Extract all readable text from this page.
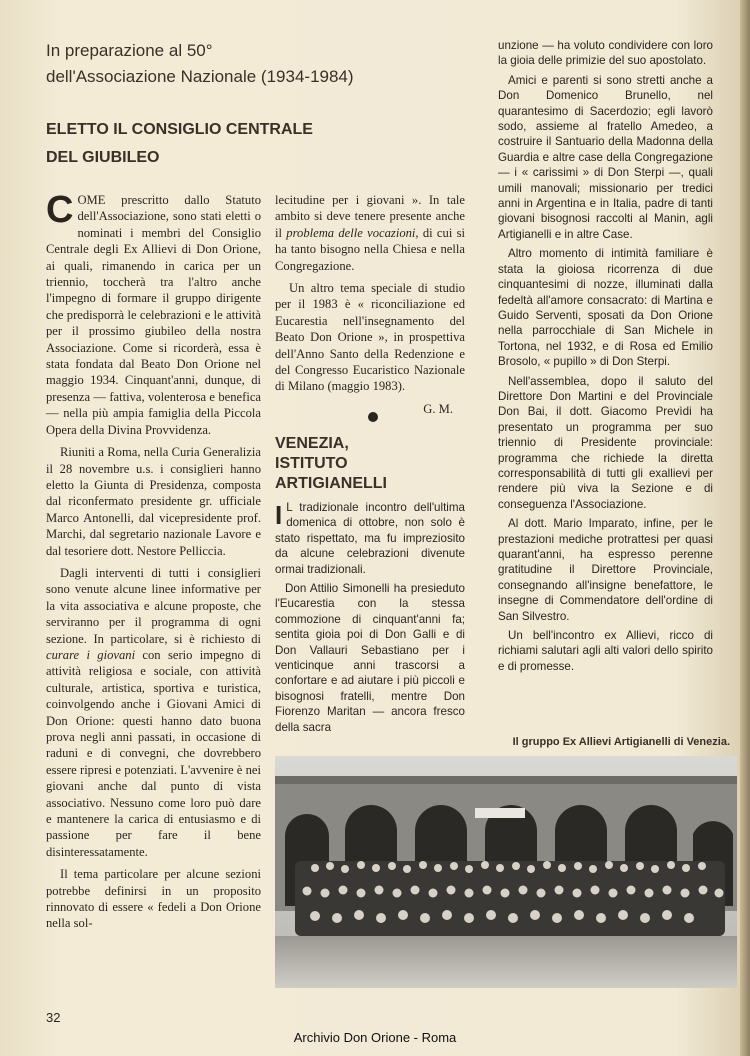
In preparazione al 50°
dell'Associazione Nazionale (1934-1984)
ELETTO IL CONSIGLIO CENTRALE
DEL GIUBILEO

COME prescritto dallo Statuto dell'Associazione, sono stati eletti o nominati i membri del Consiglio Centrale degli Ex Allievi di Don Orione, ai quali, rimanendo in carica per un triennio, toccherà tra l'altro anche l'impegno di formare il gruppo dirigente che predisporrà le celebrazioni e le attività per il prossimo giubileo della nostra Associazione. Come si ricorderà, essa è stata fondata dal Beato Don Orione nel maggio 1934. Cinquant'anni, dunque, di presenza — fattiva, volenterosa e benefica — nella più ampia famiglia della Piccola Opera della Divina Provvidenza.

Riuniti a Roma, nella Curia Generalizia il 28 novembre u.s. i consiglieri hanno eletto la Giunta di Presidenza, composta dal riconfermato presidente gr. ufficiale Marco Antonelli, dal vicepresidente prof. Marchi, dal segretario nazionale Lavore e dal tesoriere dott. Nestore Pelliccia.

Dagli interventi di tutti i consiglieri sono venute alcune linee informative per la vita associativa e alcune proposte, che serviranno per il programma di ogni sezione. In particolare, si è richiesto di curare i giovani con serio impegno di attività religiosa e sociale, con attività culturale, artistica, sportiva e turistica, coinvolgendo anche i Giovani Amici di Don Orione: questi hanno dato buona prova negli anni passati, in occasione di raduni e di convegni, che dovrebbero essere ripresi e potenziati. L'avvenire è nei giovani anche dal punto di vista associativo. Nessuno come loro può dare e mantenere la carica di entusiasmo e di passione per fare il bene disinteressatamente.

Il tema particolare per alcune sezioni potrebbe definirsi in un proposito rinnovato di essere « fedeli a Don Orione nella sol-

lecitudine per i giovani ». In tale ambito si deve tenere presente anche il problema delle vocazioni, di cui si ha tanto bisogno nella Chiesa e nella Congregazione.

Un altro tema speciale di studio per il 1983 è « riconciliazione ed Eucarestia nell'insegnamento del Beato Don Orione », in prospettiva dell'Anno Santo della Redenzione e del Congresso Eucaristico Nazionale di Milano (maggio 1983).

G. M.
VENEZIA,
ISTITUTO
ARTIGIANELLI

I L tradizionale incontro dell'ultima domenica di ottobre, non solo è stato rispettato, ma fu impreziosito da alcune celebrazioni divenute ormai tradizionali.

Don Attilio Simonelli ha presieduto l'Eucarestia con la stessa commozione di cinquant'anni fa; sentita gioia poi di Don Galli e di Don Vallauri Sebastiano per i venticinque anni trascorsi a confortare e ad aiutare i più piccoli e bisognosi fratelli, mentre Don Fiorenzo Maritan — ancora fresco della sacra

unzione — ha voluto condividere con loro la gioia delle primizie del suo apostolato.

Amici e parenti si sono stretti anche a Don Domenico Brunello, nel quarantesimo di Sacerdozio; egli lavorò sodo, assieme al fratello Amedeo, a costruire il Santuario della Madonna della Guardia e altre case della Congregazione — i « carissimi » di Don Sterpi —, quali umili manovali; missionario per tredici anni in Argentina e in Italia, padre di tanti giovani bisognosi raccolti al Manin, agli Artigianelli e in altre Case.

Altro momento di intimità familiare è stata la gioiosa ricorrenza di due cinquantesimi di nozze, illuminati dalla fedeltà all'amore consacrato: di Martina e Guido Serventi, sposati da Don Orione nella parrocchiale di San Michele in Tortona, nel 1932, e di Rosa ed Emilio Brosolo, « pupillo » di Don Sterpi.

Nell'assemblea, dopo il saluto del Direttore Don Martini e del Provinciale Don Bai, il dott. Giacomo Prevìdi ha presentato un programma per suo triennio di Presidente provinciale: programma che richiede la diretta corresponsabilità di tutti gli exallievi per rendere più viva la Sezione e di conseguenza l'Associazione.

Al dott. Mario Imparato, infine, per le prestazioni mediche protrattesi per quasi quarant'anni, ha espresso perenne gratitudine il Direttore Provinciale, consegnando all'insigne benefattore, le insegne di Commendatore dell'ordine di San Silvestro.

Un bell'incontro ex Allievi, ricco di richiami salutari agli alti valori dello spirito e di promesse.

Il gruppo Ex Allievi Artigianelli di Venezia.
32
Archivio Don Orione - Roma
